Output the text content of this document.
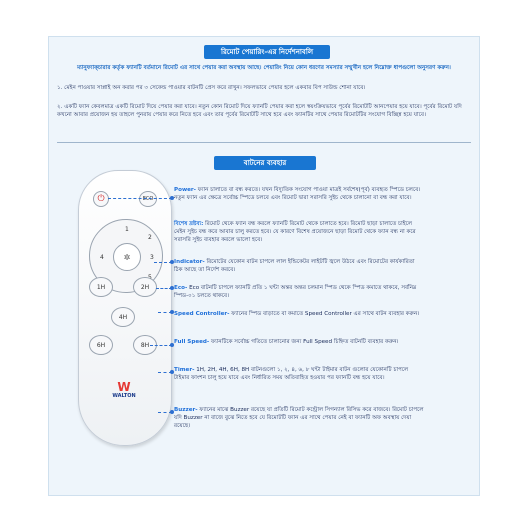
রিমোট পেয়ারিং-এর নির্দেশনাবলি
ম্যানুফ্যাক্চারার কর্তৃক ফ্যানটি বর্তমানে রিমোট এর সাথে পেয়ার করা অবস্থায় আছে। পেয়ারিং নিয়ে কোন ধরণের সমস্যার সম্মুখীন হলে নিম্নোক্ত ধাপগুলো অনুসরণ করুন।
১. মেইন পাওয়ার সাপ্লাই অন করার পর ৩ সেকেন্ড পাওয়ার বাটনটি প্রেস করে রাখুন। সফলভাবে পেয়ার হলে একবার বিপ সাউন্ড শোনা যাবে।
২. একটি ফ্যান কেবলমাত্র একটি রিমোট দিয়ে পেয়ার করা যাবে। নতুন কোন রিমোট দিয়ে ফ্যানটি পেয়ার করা হলে স্বয়ংক্রিয়ভাবে পূর্বের রিমোটটি আনপেয়ার হয়ে যাবে। পূর্বের রিমোট যদি কখনো আবার প্রয়োজন হয় তাহলে পুনরায় পেয়ার করে নিতে হবে এবং তার পূর্বের রিমোটটি সাথে হবে এবং ফ্যানটির সাথে পেয়ার রিমোটটির সংযোগ বিচ্ছিন্ন হয়ে যাবে।
বাটনের ব্যবহার
⏻	ECO
1
2
3
4	✲
1H	2H
4H
6H	8H
W
WALTON
Power- ফ্যান চালাতে বা বন্ধ করতে। যখন বিদ্যুতিক সংযোগ পাওয়া মাত্রই সর্বশেষ(পূর্ব) ব্যবহৃত স্পিডে চলবে। নতুন ফ্যান এর ক্ষেত্রে সর্বোচ্চ স্পিডে চলবে এবং রিমোট দ্বারা সরাসরি সুইচ থেকে চালানো বা বন্ধ করা যাবে।
বিশেষ দ্রষ্টব্য: রিমোট থেকে ফ্যান বন্ধ করলে ফ্যানটি রিমোট থেকে চালাতে হবে। রিমোট ছাড়া চালাতে চাইলে মেইন সুইচ বন্ধ করে আবার চালু করতে হবে। যে কারণে বিশেষ প্রয়োজনে ছাড়া রিমোট থেকে ফ্যান বন্ধ না করে সরাসরি সুইচ ব্যবহার করলে ভালো হবে।
Indicator- রিমোটের যেকোন বাটন চাপলে লাল ইন্ডিকেটর লাইটটি জ্বলে উঠবে এবং রিমোটের কার্যকারিতা ঠিক আছে তা নির্দেশ করবে।
Eco- Eco বাটনটি চাপলে ফ্যানটি প্রতি ১ ঘন্টা অন্তর অন্তর চলমান স্পিড থেকে স্পিড কমাতে থাকবে, সর্বনিম্ন স্পিড-০১ চলতে থাকবে।
Speed Controller- ফ্যানের স্পিড বাড়াতে বা কমাতে Speed Controller এর সাথে বাটন ব্যবহার করুন।
Full Speed- ফ্যানটিকে সর্বোচ্চ গতিতে চালানোর জন্য Full Speed চিহ্নিত বাটনটি ব্যবহার করুন।
Timer- 1H, 2H, 4H, 6H, 8H বাটনগুলো ১, ২, ৪, ৬, ৮ ঘন্টা টাইমার বাটন গুলোর যেকোনটি চাপলে টাইমার ফাংশন চালু হয়ে যাবে এবং নির্ধারিত সময় অতিবাহিত হওয়ার পর ফ্যানটি বন্ধ হয়ে যাবে।
Buzzer- ফ্যানের মাঝে Buzzer রয়েছে যা প্রতিটি রিমোট কন্ট্রোল সিগন্যাল রিসিভ করে বাজবে। রিমোট চাপলে যদি Buzzer না বাজে বুঝে নিতে হবে যে রিমোটটি ফ্যান এর সাথে পেয়ার নেই বা ফ্যানটি অফ অবস্থায় দেয়া রয়েছে।
